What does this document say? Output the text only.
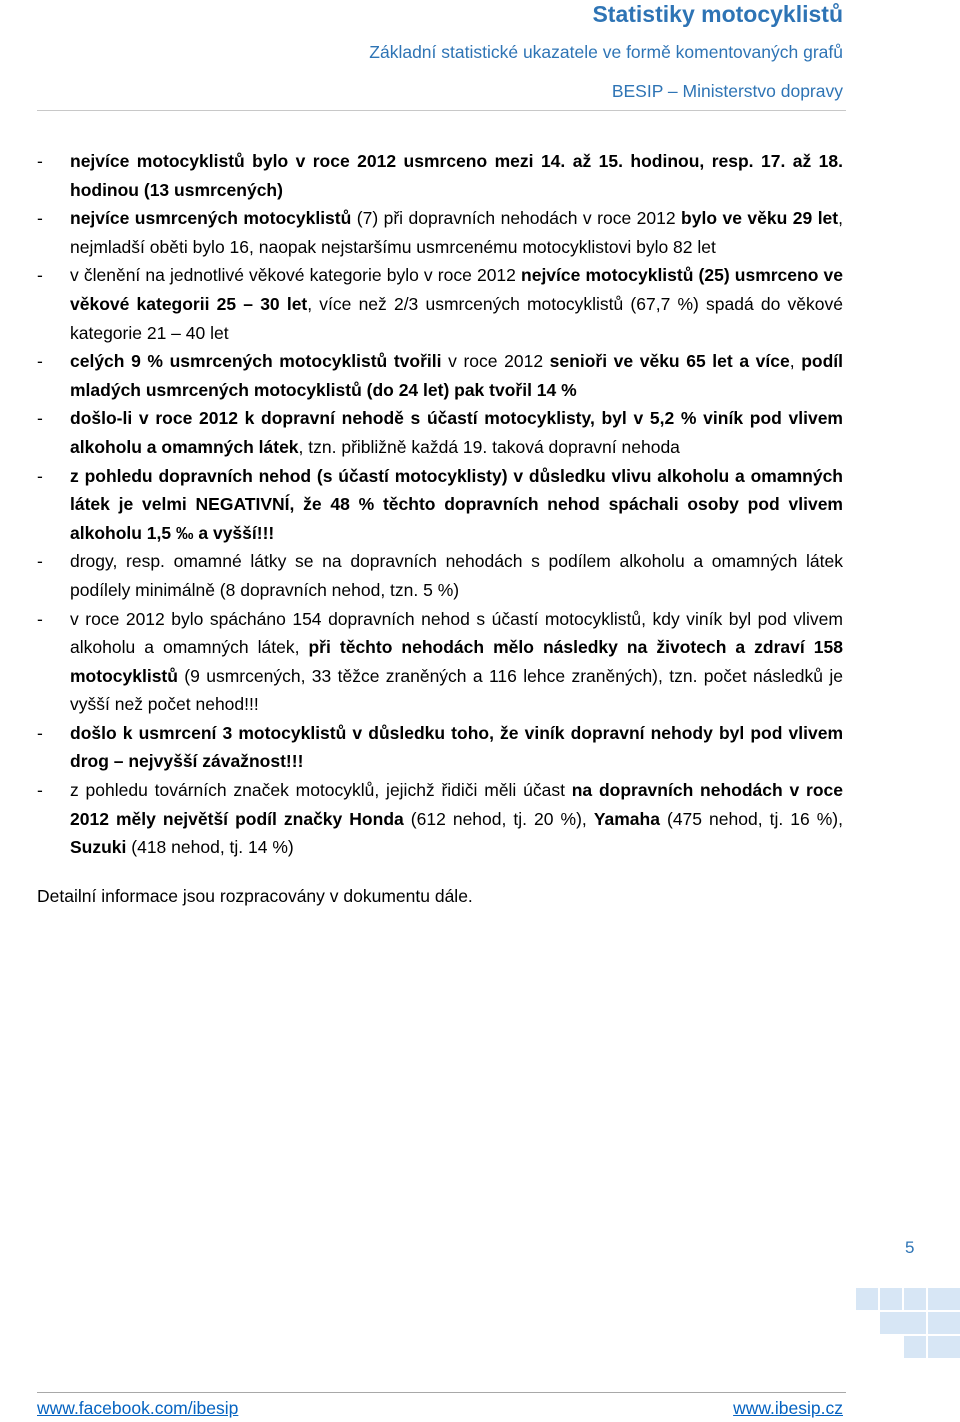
Statistiky motocyklistů
Základní statistické ukazatele ve formě komentovaných grafů
BESIP – Ministerstvo dopravy
- nejvíce motocyklistů bylo v roce 2012 usmrceno mezi 14. až 15. hodinou, resp. 17. až 18. hodinou (13 usmrcených)
- nejvíce usmrcených motocyklistů (7) při dopravních nehodách v roce 2012 bylo ve věku 29 let, nejmladší oběti bylo 16, naopak nejstaršímu usmrcenému motocyklistovi bylo 82 let
- v členění na jednotlivé věkové kategorie bylo v roce 2012 nejvíce motocyklistů (25) usmrceno ve věkové kategorii 25 – 30 let, více než 2/3 usmrcených motocyklistů (67,7 %) spadá do věkové kategorie 21 – 40 let
- celých 9 % usmrcených motocyklistů tvořili v roce 2012 senioři ve věku 65 let a více, podíl mladých usmrcených motocyklistů (do 24 let) pak tvořil 14 %
- došlo-li v roce 2012 k dopravní nehodě s účastí motocyklisty, byl v 5,2 % viník pod vlivem alkoholu a omamných látek, tzn. přibližně každá 19. taková dopravní nehoda
- z pohledu dopravních nehod (s účastí motocyklisty) v důsledku vlivu alkoholu a omamných látek je velmi NEGATIVNÍ, že 48 % těchto dopravních nehod spáchali osoby pod vlivem alkoholu 1,5 ‰ a vyšší!!!
- drogy, resp. omamné látky se na dopravních nehodách s podílem alkoholu a omamných látek podílely minimálně (8 dopravních nehod, tzn. 5 %)
- v roce 2012 bylo spácháno 154 dopravních nehod s účastí motocyklistů, kdy viník byl pod vlivem alkoholu a omamných látek, při těchto nehodách mělo následky na životech a zdraví 158 motocyklistů (9 usmrcených, 33 těžce zraněných a 116 lehce zraněných), tzn. počet následků je vyšší než počet nehod!!!
- došlo k usmrcení 3 motocyklistů v důsledku toho, že viník dopravní nehody byl pod vlivem drog – nejvyšší závažnost!!!
- z pohledu továrních značek motocyklů, jejichž řidiči měli účast na dopravních nehodách v roce 2012 měly největší podíl značky Honda (612 nehod, tj. 20 %), Yamaha (475 nehod, tj. 16 %), Suzuki (418 nehod, tj. 14 %)
Detailní informace jsou rozpracovány v dokumentu dále.
5
www.facebook.com/ibesip	www.ibesip.cz
